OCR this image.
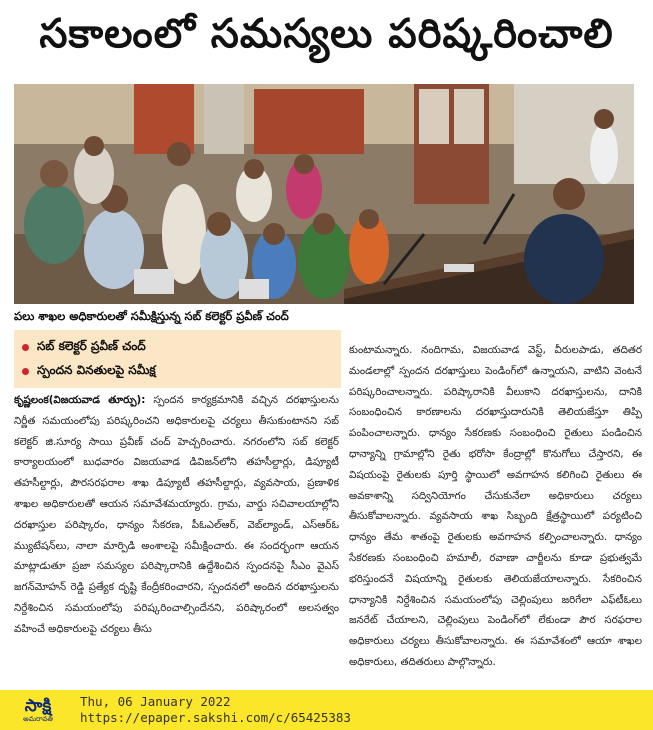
సకాలంలో సమస్యలు పరిష్కరించాలి
పలు శాఖల అధికారులతో సమీక్షిస్తున్న సబ్ కలెక్టర్ ప్రవీణ్ చంద్
సబ్ కలెక్టర్ ప్రవీణ్ చంద్
స్పందన వినతులపై సమీక్ష
కృష్ణలంక(విజయవాడ తూర్పు): స్పందన కార్యక్రమానికి వచ్చిన దరఖాస్తులను నిర్ణీత సమయంలోపు పరిష్కరించని అధికారులపై చర్యలు తీసుకుంటానని సబ్ కలెక్టర్ జి.సూర్య సాయి ప్రవీణ్ చంద్ హెచ్చరించారు. నగరంలోని సబ్ కలెక్టర్ కార్యాలయంలో బుధవారం విజయవాడ డివిజన్‌లోని తహసీల్దార్లు, డిప్యూటీ తహసీల్దార్లు, పౌరసరఫరాల శాఖ డిప్యూటీ తహసీల్దార్లు, వ్యవసాయ, ప్రణాళిక శాఖల అధికారులతో ఆయన సమావేశమయ్యారు. గ్రామ, వార్డు సచివాలయాల్లోని దరఖాస్తుల పరిష్కారం, ధాన్యం సేకరణ, పీఓఎల్ఆర్, వెబ్‌ల్యాండ్, ఎస్ఆర్ఓ మ్యుటేషన్‌లు, నాలా మార్పిడి అంశాలపై సమీక్షించారు. ఈ సందర్భంగా ఆయన మాట్లాడుతూ ప్రజా సమస్యల పరిష్కారానికి ఉద్దేశించిన స్పందనపై సీఎం వైఎస్ జగన్‌మోహన్ రెడ్డి ప్రత్యేక దృష్టి కేంద్రీకరించారని, స్పందనలో అందిన దరఖాస్తులను నిర్దేశించిన సమయంలోపు పరిష్కరించాల్సిందేనని, పరిష్కారంలో అలసత్వం వహించే అధికారులపై చర్యలు తీసు
కుంటామన్నారు. నందిగామ, విజయవాడ వెస్ట్, వీరులపాడు, తదితర మండలాల్లో స్పందన దరఖాస్తులు పెండింగ్‌లో ఉన్నాయని, వాటిని వెంటనే పరిష్కరించాలన్నారు. పరిష్కారానికి వీలుకాని దరఖాస్తులను, దానికి సంబంధించిన కారణాలను దరఖాస్తుదారునికి తెలియజేస్తూ తిప్పి పంపించాలన్నారు. ధాన్యం సేకరణకు సంబంధించి రైతులు పండించిన ధాన్యాన్ని గ్రామాల్లోని రైతు భరోసా కేంద్రాల్లో కొనుగోలు చేస్తారని, ఈ విషయంపై రైతులకు పూర్తి స్థాయిలో అవగాహన కలిగించి రైతులు ఈ అవకాశాన్ని సద్వినియోగం చేసుకునేలా అధికారులు చర్యలు తీసుకోవాలన్నారు. వ్యవసాయ శాఖ సిబ్బంది క్షేత్రస్థాయిలో పర్యటించి ధాన్యం తేమ శాతంపై రైతులకు అవగాహన కల్పించాలన్నారు. ధాన్యం సేకరణకు సంబంధించి హమాలీ, రవాణా చార్జీలను కూడా ప్రభుత్వమే భరిస్తుందనే విషయాన్ని రైతులకు తెలియజేయాలన్నారు. సేకరించిన ధాన్యానికి నిర్దేశించిన సమయంలోపు చెల్లింపులు జరిగేలా ఎఫ్‌టీఓలు జనరేట్ చేయాలని, చెల్లింపులు పెండింగ్‌లో లేకుండా పౌర సరఫరాల అధికారులు చర్యలు తీసుకోవాలన్నారు. ఈ సమావేశంలో ఆయా శాఖల అధికారులు, తదితరులు పాల్గొన్నారు.
సాక్షి
అమరావతి
Thu, 06 January 2022
https://epaper.sakshi.com/c/65425383
